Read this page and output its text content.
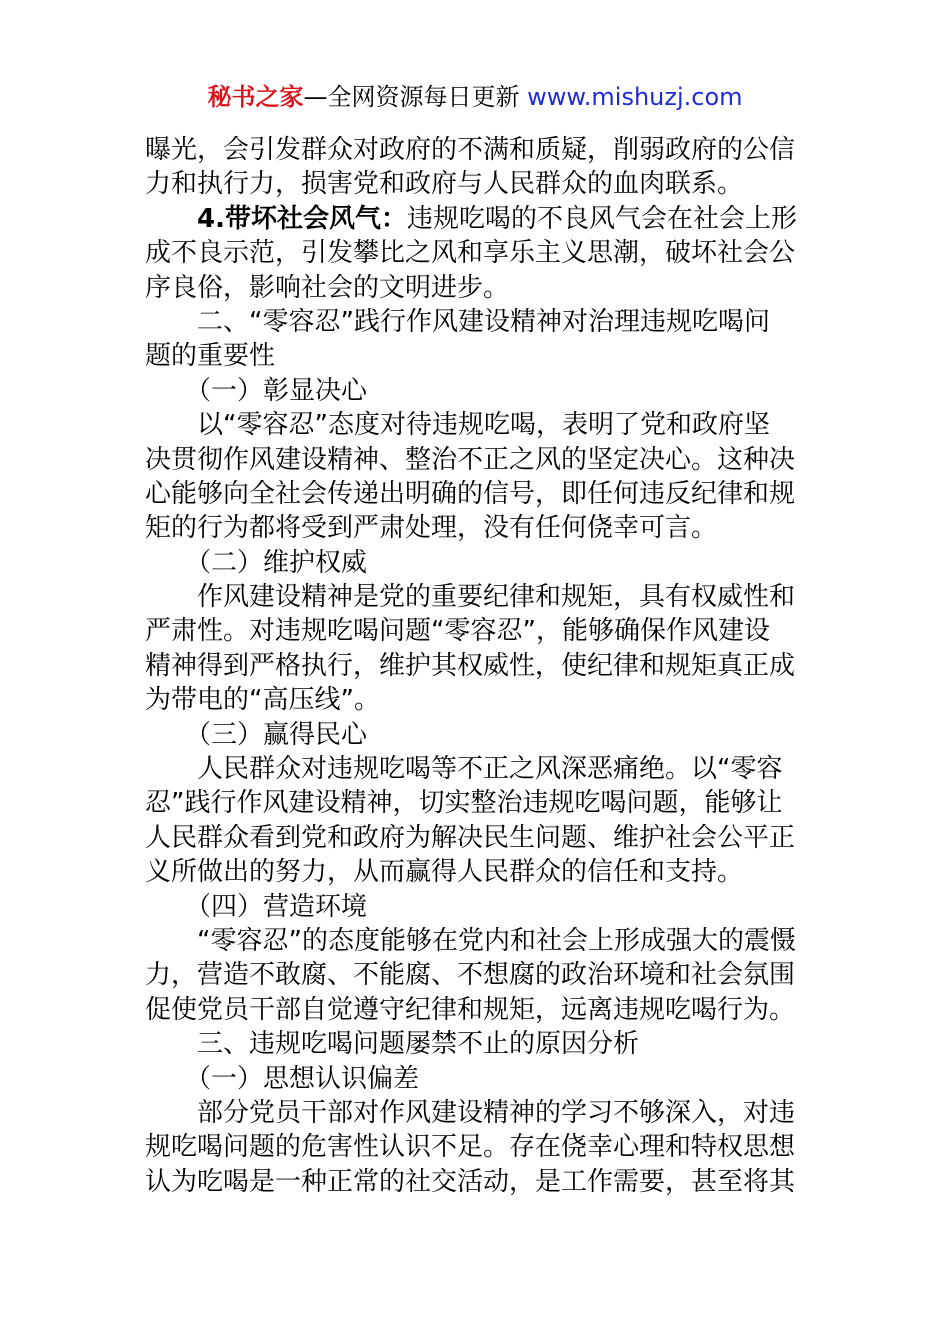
秘书之家—全网资源每日更新 www.mishuzj.com
曝光，会引发群众对政府的不满和质疑，削弱政府的公信
力和执行力，损害党和政府与人民群众的血肉联系。
4.带坏社会风气：违规吃喝的不良风气会在社会上形
成不良示范，引发攀比之风和享乐主义思潮，破坏社会公
序良俗，影响社会的文明进步。
二、“零容忍”践行作风建设精神对治理违规吃喝问
题的重要性
（一）彰显决心
以“零容忍”态度对待违规吃喝，表明了党和政府坚
决贯彻作风建设精神、整治不正之风的坚定决心。这种决
心能够向全社会传递出明确的信号，即任何违反纪律和规
矩的行为都将受到严肃处理，没有任何侥幸可言。
（二）维护权威
作风建设精神是党的重要纪律和规矩，具有权威性和
严肃性。对违规吃喝问题“零容忍”，能够确保作风建设
精神得到严格执行，维护其权威性，使纪律和规矩真正成
为带电的“高压线”。
（三）赢得民心
人民群众对违规吃喝等不正之风深恶痛绝。以“零容
忍”践行作风建设精神，切实整治违规吃喝问题，能够让
人民群众看到党和政府为解决民生问题、维护社会公平正
义所做出的努力，从而赢得人民群众的信任和支持。
（四）营造环境
“零容忍”的态度能够在党内和社会上形成强大的震慑
力，营造不敢腐、不能腐、不想腐的政治环境和社会氛围
促使党员干部自觉遵守纪律和规矩，远离违规吃喝行为。
三、违规吃喝问题屡禁不止的原因分析
（一）思想认识偏差
部分党员干部对作风建设精神的学习不够深入，对违
规吃喝问题的危害性认识不足。存在侥幸心理和特权思想
认为吃喝是一种正常的社交活动，是工作需要，甚至将其
